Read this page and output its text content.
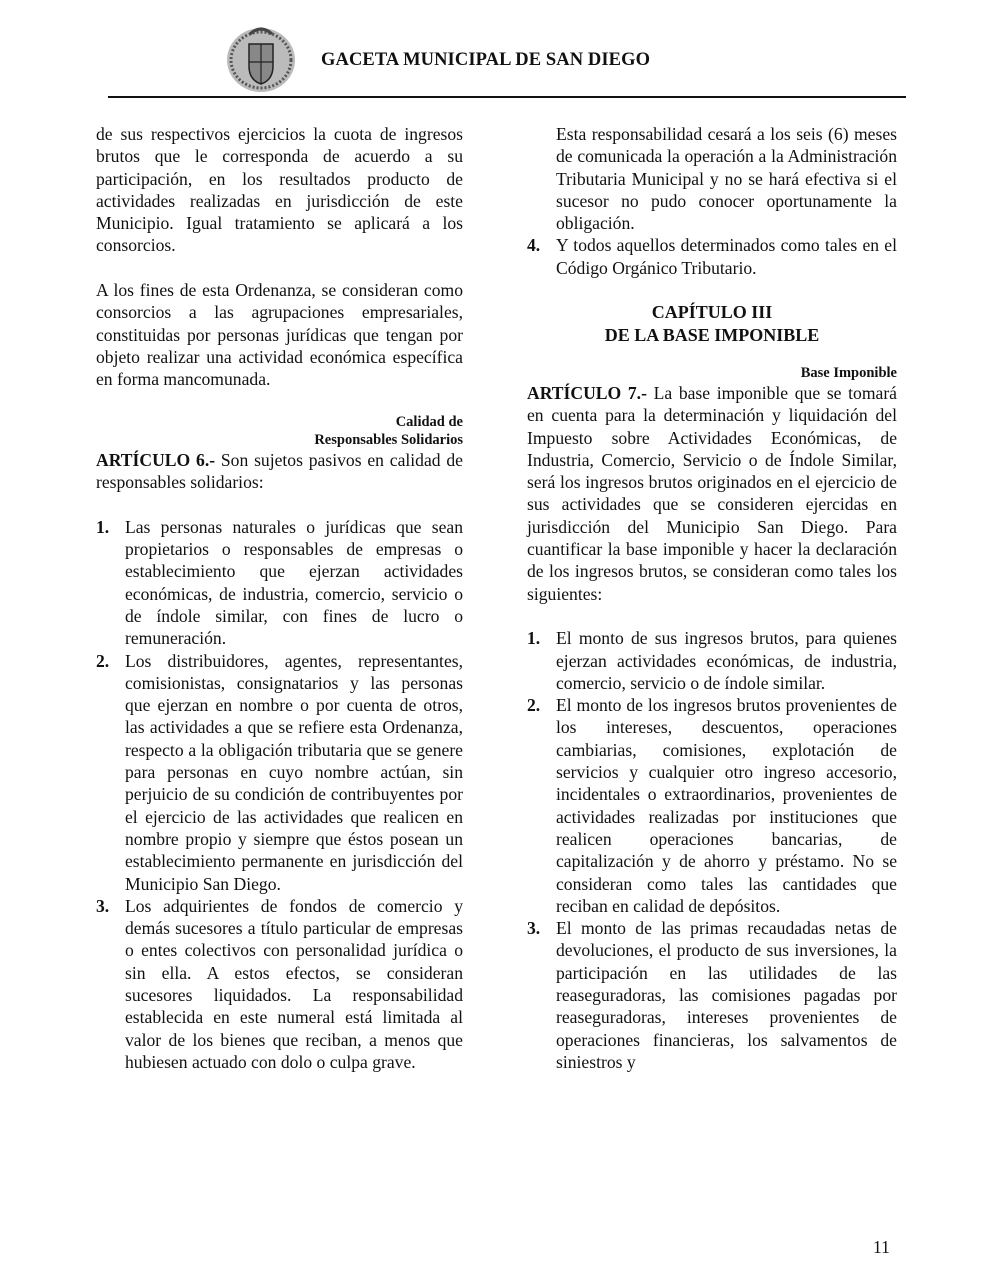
GACETA MUNICIPAL DE SAN DIEGO

de sus respectivos ejercicios la cuota de ingresos brutos que le corresponda de acuerdo a su participación, en los resultados producto de actividades realizadas en jurisdicción de este Municipio. Igual tratamiento se aplicará a los consorcios.

A los fines de esta Ordenanza, se consideran como consorcios a las agrupaciones empresariales, constituidas por personas jurídicas que tengan por objeto realizar una actividad económica específica en forma mancomunada.

Calidad de
Responsables Solidarios

ARTÍCULO 6.- Son sujetos pasivos en calidad de responsables solidarios:

1. Las personas naturales o jurídicas que sean propietarios o responsables de empresas o establecimiento que ejerzan actividades económicas, de industria, comercio, servicio o de índole similar, con fines de lucro o remuneración.
2. Los distribuidores, agentes, representantes, comisionistas, consignatarios y las personas que ejerzan en nombre o por cuenta de otros, las actividades a que se refiere esta Ordenanza, respecto a la obligación tributaria que se genere para personas en cuyo nombre actúan, sin perjuicio de su condición de contribuyentes por el ejercicio de las actividades que realicen en nombre propio y siempre que éstos posean un establecimiento permanente en jurisdicción del Municipio San Diego.
3. Los adquirientes de fondos de comercio y demás sucesores a título particular de empresas o entes colectivos con personalidad jurídica o sin ella. A estos efectos, se consideran sucesores liquidados. La responsabilidad establecida en este numeral está limitada al valor de los bienes que reciban, a menos que hubiesen actuado con dolo o culpa grave.

Esta responsabilidad cesará a los seis (6) meses de comunicada la operación a la Administración Tributaria Municipal y no se hará efectiva si el sucesor no pudo conocer oportunamente la obligación.

4. Y todos aquellos determinados como tales en el Código Orgánico Tributario.
CAPÍTULO III
DE LA BASE IMPONIBLE
Base Imponible

ARTÍCULO 7.- La base imponible que se tomará en cuenta para la determinación y liquidación del Impuesto sobre Actividades Económicas, de Industria, Comercio, Servicio o de Índole Similar, será los ingresos brutos originados en el ejercicio de sus actividades que se consideren ejercidas en jurisdicción del Municipio San Diego. Para cuantificar la base imponible y hacer la declaración de los ingresos brutos, se consideran como tales los siguientes:

1. El monto de sus ingresos brutos, para quienes ejerzan actividades económicas, de industria, comercio, servicio o de índole similar.
2. El monto de los ingresos brutos provenientes de los intereses, descuentos, operaciones cambiarias, comisiones, explotación de servicios y cualquier otro ingreso accesorio, incidentales o extraordinarios, provenientes de actividades realizadas por instituciones que realicen operaciones bancarias, de capitalización y de ahorro y préstamo. No se consideran como tales las cantidades que reciban en calidad de depósitos.
3. El monto de las primas recaudadas netas de devoluciones, el producto de sus inversiones, la participación en las utilidades de las reaseguradoras, las comisiones pagadas por reaseguradoras, intereses provenientes de operaciones financieras, los salvamentos de siniestros y
11
